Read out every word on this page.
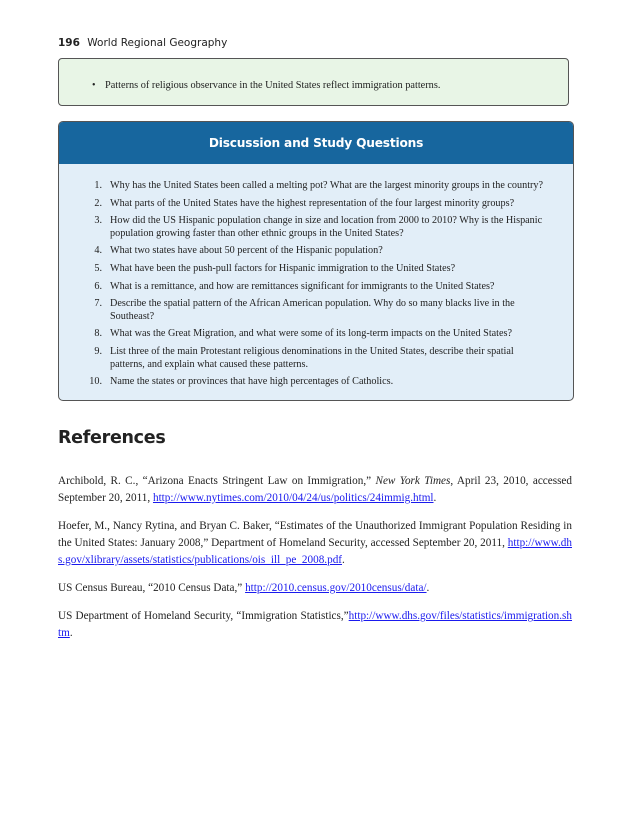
196 World Regional Geography
• Patterns of religious observance in the United States reflect immigration patterns.
Discussion and Study Questions
1. Why has the United States been called a melting pot? What are the largest minority groups in the country?
2. What parts of the United States have the highest representation of the four largest minority groups?
3. How did the US Hispanic population change in size and location from 2000 to 2010? Why is the Hispanic population growing faster than other ethnic groups in the United States?
4. What two states have about 50 percent of the Hispanic population?
5. What have been the push-pull factors for Hispanic immigration to the United States?
6. What is a remittance, and how are remittances significant for immigrants to the United States?
7. Describe the spatial pattern of the African American population. Why do so many blacks live in the Southeast?
8. What was the Great Migration, and what were some of its long-term impacts on the United States?
9. List three of the main Protestant religious denominations in the United States, describe their spatial patterns, and explain what caused these patterns.
10. Name the states or provinces that have high percentages of Catholics.
References

Archibold, R. C., “Arizona Enacts Stringent Law on Immigration,” New York Times, April 23, 2010, accessed September 20, 2011, http://www.nytimes.com/2010/04/24/us/politics/24immig.html.

Hoefer, M., Nancy Rytina, and Bryan C. Baker, “Estimates of the Unauthorized Immigrant Population Residing in the United States: January 2008,” Department of Homeland Security, accessed September 20, 2011, http://www.dhs.gov/xlibrary/assets/statistics/publications/ois_ill_pe_2008.pdf.

US Census Bureau, “2010 Census Data,” http://2010.census.gov/2010census/data/.

US Department of Homeland Security, “Immigration Statistics,”http://www.dhs.gov/files/statistics/immigration.shtm.
